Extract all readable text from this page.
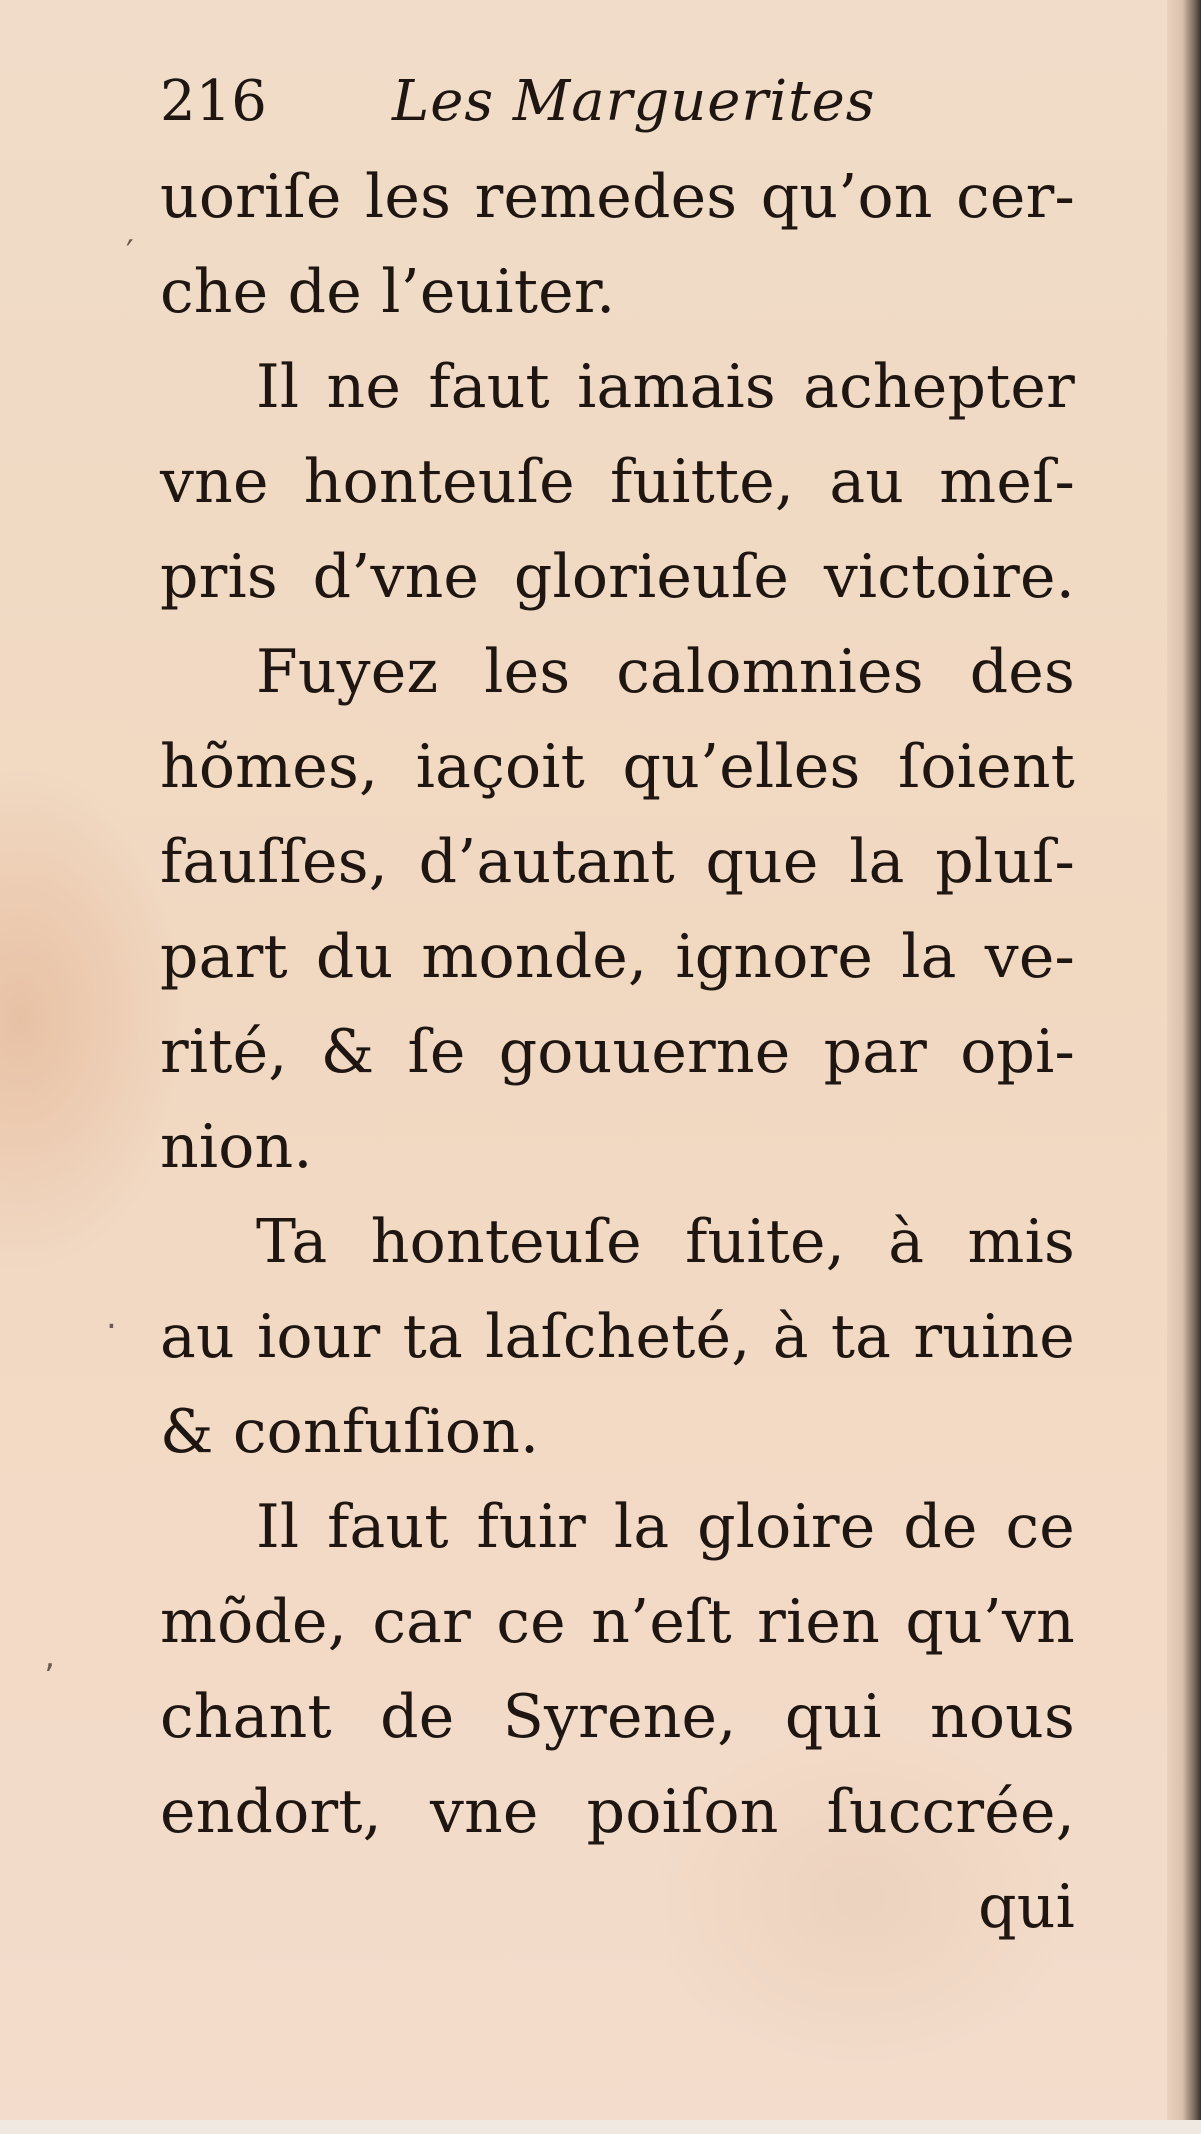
′
.
’
216	Les Marguerites
uoriſe les remedes qu’on cer-
che de l’euiter.
Il ne faut iamais achepter
vne honteuſe fuitte, au meſ-
pris d’vne glorieuſe victoire.
Fuyez les calomnies des
hõmes, iaçoit qu’elles ſoient
fauſſes, d’autant que la pluſ-
part du monde, ignore la ve-
rité, & ſe gouuerne par opi-
nion.
Ta honteuſe fuite, à mis
au iour ta laſcheté, à ta ruine
& confuſion.
Il faut fuir la gloire de ce
mõde, car ce n’eſt rien qu’vn
chant de Syrene, qui nous
endort, vne poiſon ſuccrée,
qui
